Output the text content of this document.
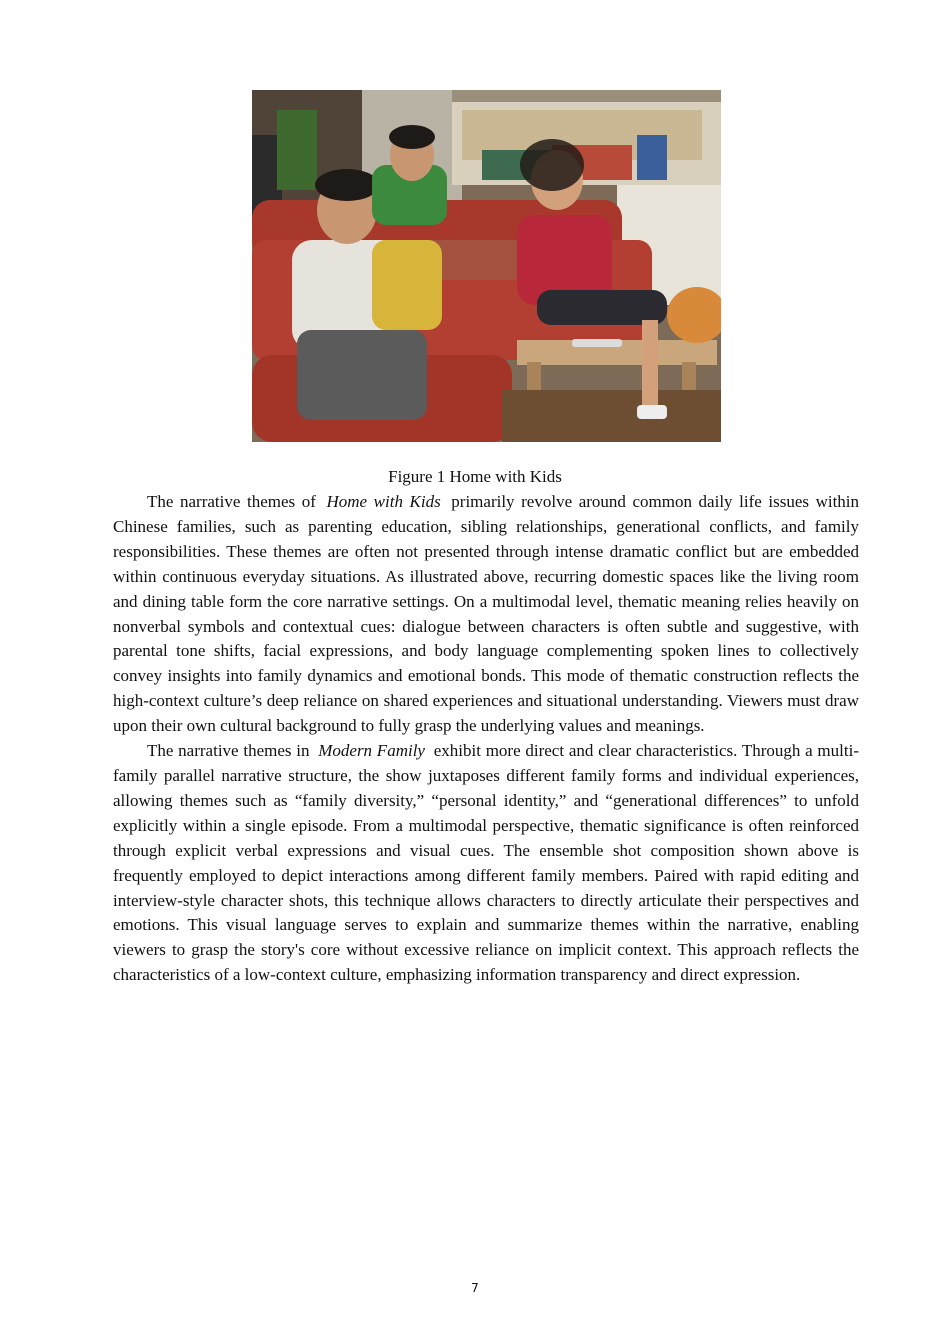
Figure 1 Home with Kids

The narrative themes of Home with Kids primarily revolve around common daily life issues within Chinese families, such as parenting education, sibling relationships, generational conflicts, and family responsibilities. These themes are often not presented through intense dramatic conflict but are embedded within continuous everyday situations. As illustrated above, recurring domestic spaces like the living room and dining table form the core narrative settings. On a multimodal level, thematic meaning relies heavily on nonverbal symbols and contextual cues: dialogue between characters is often subtle and suggestive, with parental tone shifts, facial expressions, and body language complementing spoken lines to collectively convey insights into family dynamics and emotional bonds. This mode of thematic construction reflects the high-context culture’s deep reliance on shared experiences and situational understanding. Viewers must draw upon their own cultural background to fully grasp the underlying values and meanings.

The narrative themes in Modern Family exhibit more direct and clear characteristics. Through a multi-family parallel narrative structure, the show juxtaposes different family forms and individual experiences, allowing themes such as “family diversity,” “personal identity,” and “generational differences” to unfold explicitly within a single episode. From a multimodal perspective, thematic significance is often reinforced through explicit verbal expressions and visual cues. The ensemble shot composition shown above is frequently employed to depict interactions among different family members. Paired with rapid editing and interview-style character shots, this technique allows characters to directly articulate their perspectives and emotions. This visual language serves to explain and summarize themes within the narrative, enabling viewers to grasp the story's core without excessive reliance on implicit context. This approach reflects the characteristics of a low-context culture, emphasizing information transparency and direct expression.

7
